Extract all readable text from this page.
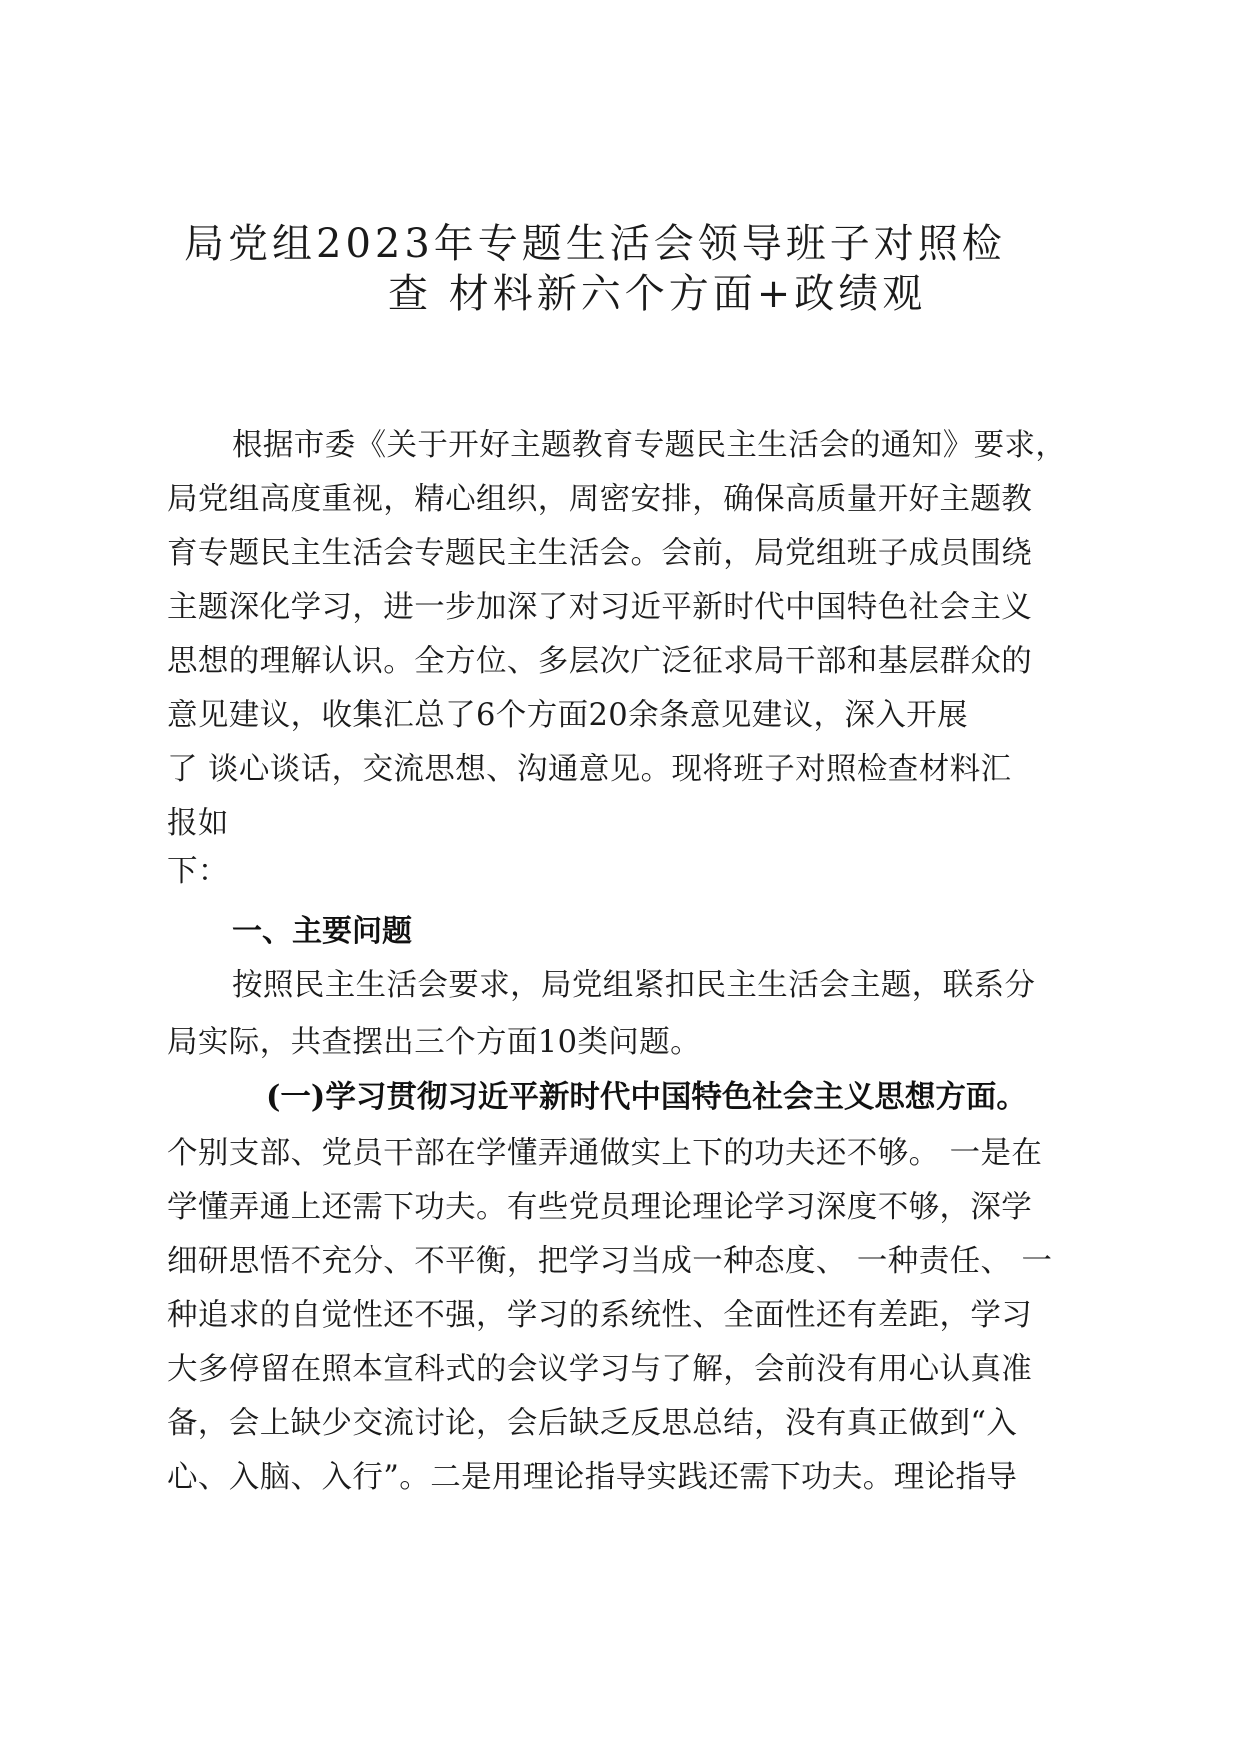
局党组2023年专题生活会领导班子对照检
查 材料新六个方面+政绩观
根据市委《关于开好主题教育专题民主生活会的通知》要求，
局党组高度重视，精心组织，周密安排，确保高质量开好主题教
育专题民主生活会专题民主生活会。会前，局党组班子成员围绕
主题深化学习，进一步加深了对习近平新时代中国特色社会主义
思想的理解认识。全方位、多层次广泛征求局干部和基层群众的
意见建议，收集汇总了6个方面20余条意见建议，深入开展
了 谈心谈话，交流思想、沟通意见。现将班子对照检查材料汇
报如
下：
一、主要问题
按照民主生活会要求，局党组紧扣民主生活会主题，联系分
局实际，共查摆出三个方面10类问题。
(一)学习贯彻习近平新时代中国特色社会主义思想方面。
个别支部、党员干部在学懂弄通做实上下的功夫还不够。 一是在
学懂弄通上还需下功夫。有些党员理论理论学习深度不够，深学
细研思悟不充分、不平衡，把学习当成一种态度、 一种责任、 一
种追求的自觉性还不强，学习的系统性、全面性还有差距，学习
大多停留在照本宣科式的会议学习与了解，会前没有用心认真准
备，会上缺少交流讨论，会后缺乏反思总结，没有真正做到“入
心、入脑、入行”。二是用理论指导实践还需下功夫。理论指导
